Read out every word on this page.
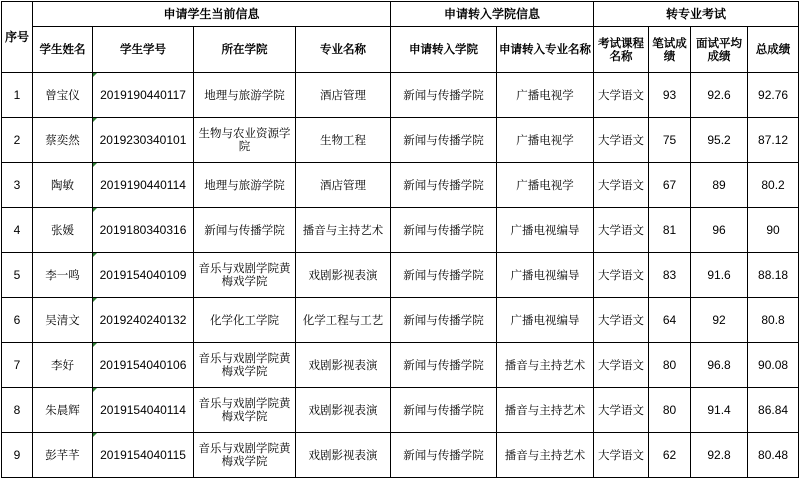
序号	申请学生当前信息				申请转入学院信息		转专业考试			
	学生姓名	学生学号	所在学院	专业名称	申请转入学院	申请转入专业名称	考试课程名称	笔试成绩	面试平均成绩	总成绩
1	曾宝仪	2019190440117	地理与旅游学院	酒店管理	新闻与传播学院	广播电视学	大学语文	93	92.6	92.76
2	蔡奕然	2019230340101	生物与农业资源学院	生物工程	新闻与传播学院	广播电视学	大学语文	75	95.2	87.12
3	陶敏	2019190440114	地理与旅游学院	酒店管理	新闻与传播学院	广播电视学	大学语文	67	89	80.2
4	张媛	2019180340316	新闻与传播学院	播音与主持艺术	新闻与传播学院	广播电视编导	大学语文	81	96	90
5	李一鸣	2019154040109	音乐与戏剧学院黄梅戏学院	戏剧影视表演	新闻与传播学院	广播电视编导	大学语文	83	91.6	88.18
6	吴清文	2019240240132	化学化工学院	化学工程与工艺	新闻与传播学院	广播电视编导	大学语文	64	92	80.8
7	李好	2019154040106	音乐与戏剧学院黄梅戏学院	戏剧影视表演	新闻与传播学院	播音与主持艺术	大学语文	80	96.8	90.08
8	朱晨辉	2019154040114	音乐与戏剧学院黄梅戏学院	戏剧影视表演	新闻与传播学院	播音与主持艺术	大学语文	80	91.4	86.84
9	彭芊芊	2019154040115	音乐与戏剧学院黄梅戏学院	戏剧影视表演	新闻与传播学院	播音与主持艺术	大学语文	62	92.8	80.48
